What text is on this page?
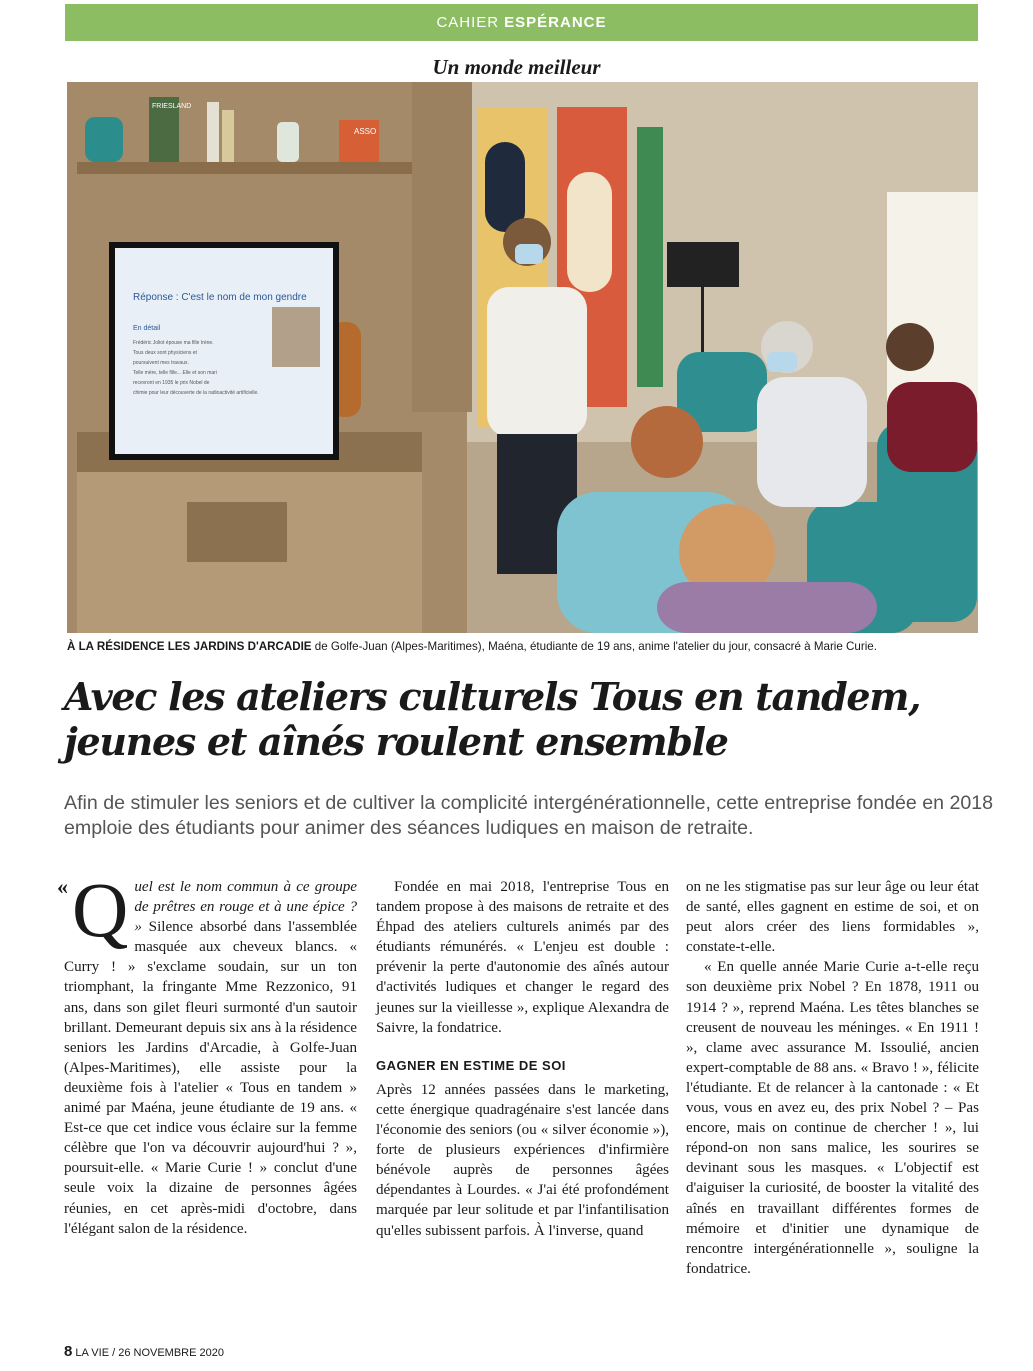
CAHIER ESPÉRANCE
Un monde meilleur
FRIESLAND
ASSO
Réponse : C'est le nom de mon gendre
En détail
Frédéric Joliot épouse ma fille Irène.
Tous deux sont physiciens et
poursuivent mes travaux.
Telle mère, telle fille... Elle et son mari
recevront en 1935 le prix Nobel de
chimie pour leur découverte de la radioactivité artificielle.
À LA RÉSIDENCE LES JARDINS D'ARCADIE de Golfe-Juan (Alpes-Maritimes), Maéna, étudiante de 19 ans, anime l'atelier du jour, consacré à Marie Curie.
Avec les ateliers culturels Tous en tandem,
jeunes et aînés roulent ensemble
Afin de stimuler les seniors et de cultiver la complicité intergénérationnelle, cette entreprise fondée en 2018 emploie des étudiants pour animer des séances ludiques en maison de retraite.

« Q uel est le nom commun à ce groupe de prêtres en rouge et à une épice ? » Silence absorbé dans l'assemblée masquée aux cheveux blancs. « Curry ! » s'exclame soudain, sur un ton triomphant, la fringante Mme Rezzonico, 91 ans, dans son gilet fleuri surmonté d'un sautoir brillant. Demeurant depuis six ans à la résidence seniors les Jardins d'Arcadie, à Golfe-Juan (Alpes-Maritimes), elle assiste pour la deuxième fois à l'atelier « Tous en tandem » animé par Maéna, jeune étudiante de 19 ans. « Est-ce que cet indice vous éclaire sur la femme célèbre que l'on va découvrir aujourd'hui ? », poursuit-elle. « Marie Curie ! » conclut d'une seule voix la dizaine de personnes âgées réunies, en cet après-midi d'octobre, dans l'élégant salon de la résidence.

Fondée en mai 2018, l'entreprise Tous en tandem propose à des maisons de retraite et des Éhpad des ateliers culturels animés par des étudiants rémunérés. « L'enjeu est double : prévenir la perte d'autonomie des aînés autour d'activités ludiques et changer le regard des jeunes sur la vieillesse », explique Alexandra de Saivre, la fondatrice.

GAGNER EN ESTIME DE SOI

Après 12 années passées dans le marketing, cette énergique quadragénaire s'est lancée dans l'économie des seniors (ou « silver économie »), forte de plusieurs expériences d'infirmière bénévole auprès de personnes âgées dépendantes à Lourdes. « J'ai été profondément marquée par leur solitude et par l'infantilisation qu'elles subissent parfois. À l'inverse, quand

on ne les stigmatise pas sur leur âge ou leur état de santé, elles gagnent en estime de soi, et on peut alors créer des liens formidables », constate-t-elle.

« En quelle année Marie Curie a-t-elle reçu son deuxième prix Nobel ? En 1878, 1911 ou 1914 ? », reprend Maéna. Les têtes blanches se creusent de nouveau les méninges. « En 1911 ! », clame avec assurance M. Issoulié, ancien expert-comptable de 88 ans. « Bravo ! », félicite l'étudiante. Et de relancer à la cantonade : « Et vous, vous en avez eu, des prix Nobel ? – Pas encore, mais on continue de chercher ! », lui répond-on non sans malice, les sourires se devinant sous les masques. « L'objectif est d'aiguiser la curiosité, de booster la vitalité des aînés en travaillant différentes formes de mémoire et d'initier une dynamique de rencontre intergénérationnelle », souligne la fondatrice.

8 LA VIE / 26 NOVEMBRE 2020
